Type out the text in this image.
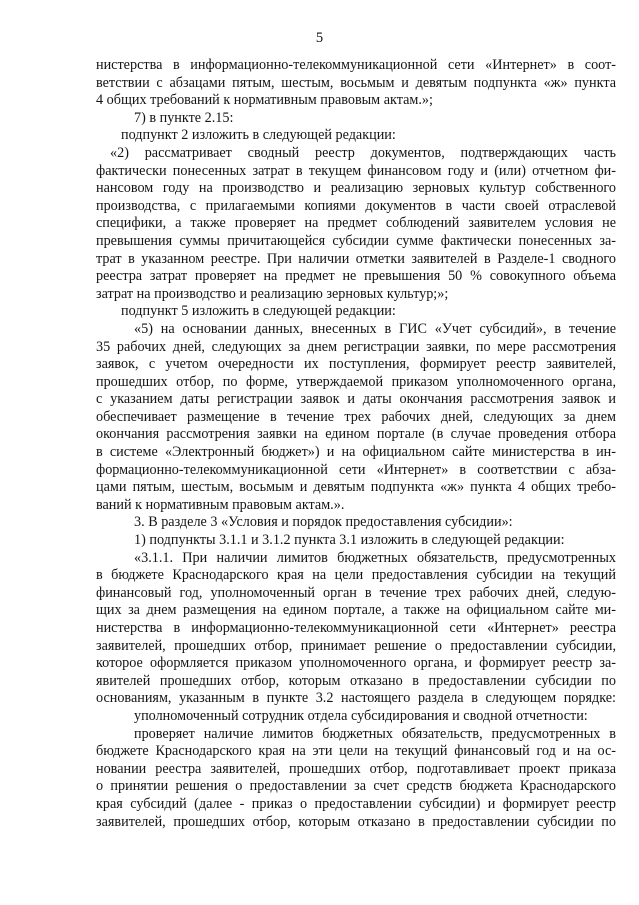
5
нистерства в информационно-телекоммуникационной сети «Интернет» в соот-
ветствии с абзацами пятым, шестым, восьмым и девятым подпункта «ж» пункта
4 общих требований к нормативным правовым актам.»;
7) в пункте 2.15:
подпункт 2 изложить в следующей редакции:
«2) рассматривает сводный реестр документов, подтверждающих часть
фактически понесенных затрат в текущем финансовом году и (или) отчетном фи-
нансовом году на производство и реализацию зерновых культур собственного
производства, с прилагаемыми копиями документов в части своей отраслевой
специфики, а также проверяет на предмет соблюдений заявителем условия не
превышения суммы причитающейся субсидии сумме фактически понесенных за-
трат в указанном реестре. При наличии отметки заявителей в Разделе-1 сводного
реестра затрат проверяет на предмет не превышения 50 % совокупного объема
затрат на производство и реализацию зерновых культур;»;
подпункт 5 изложить в следующей редакции:
«5) на основании данных, внесенных в ГИС «Учет субсидий», в течение
35 рабочих дней, следующих за днем регистрации заявки, по мере рассмотрения
заявок, с учетом очередности их поступления, формирует реестр заявителей,
прошедших отбор, по форме, утверждаемой приказом уполномоченного органа,
с указанием даты регистрации заявок и даты окончания рассмотрения заявок и
обеспечивает размещение в течение трех рабочих дней, следующих за днем
окончания рассмотрения заявки на едином портале (в случае проведения отбора
в системе «Электронный бюджет») и на официальном сайте министерства в ин-
формационно-телекоммуникационной сети «Интернет» в соответствии с абза-
цами пятым, шестым, восьмым и девятым подпункта «ж» пункта 4 общих требо-
ваний к нормативным правовым актам.».
3. В разделе 3 «Условия и порядок предоставления субсидии»:
1) подпункты 3.1.1 и 3.1.2 пункта 3.1 изложить в следующей редакции:
«3.1.1. При наличии лимитов бюджетных обязательств, предусмотренных
в бюджете Краснодарского края на цели предоставления субсидии на текущий
финансовый год, уполномоченный орган в течение трех рабочих дней, следую-
щих за днем размещения на едином портале, а также на официальном сайте ми-
нистерства в информационно-телекоммуникационной сети «Интернет» реестра
заявителей, прошедших отбор, принимает решение о предоставлении субсидии,
которое оформляется приказом уполномоченного органа, и формирует реестр за-
явителей прошедших отбор, которым отказано в предоставлении субсидии по
основаниям, указанным в пункте 3.2 настоящего раздела в следующем порядке:
уполномоченный сотрудник отдела субсидирования и сводной отчетности:
проверяет наличие лимитов бюджетных обязательств, предусмотренных в
бюджете Краснодарского края на эти цели на текущий финансовый год и на ос-
новании реестра заявителей, прошедших отбор, подготавливает проект приказа
о принятии решения о предоставлении за счет средств бюджета Краснодарского
края субсидий (далее - приказ о предоставлении субсидии) и формирует реестр
заявителей, прошедших отбор, которым отказано в предоставлении субсидии по
